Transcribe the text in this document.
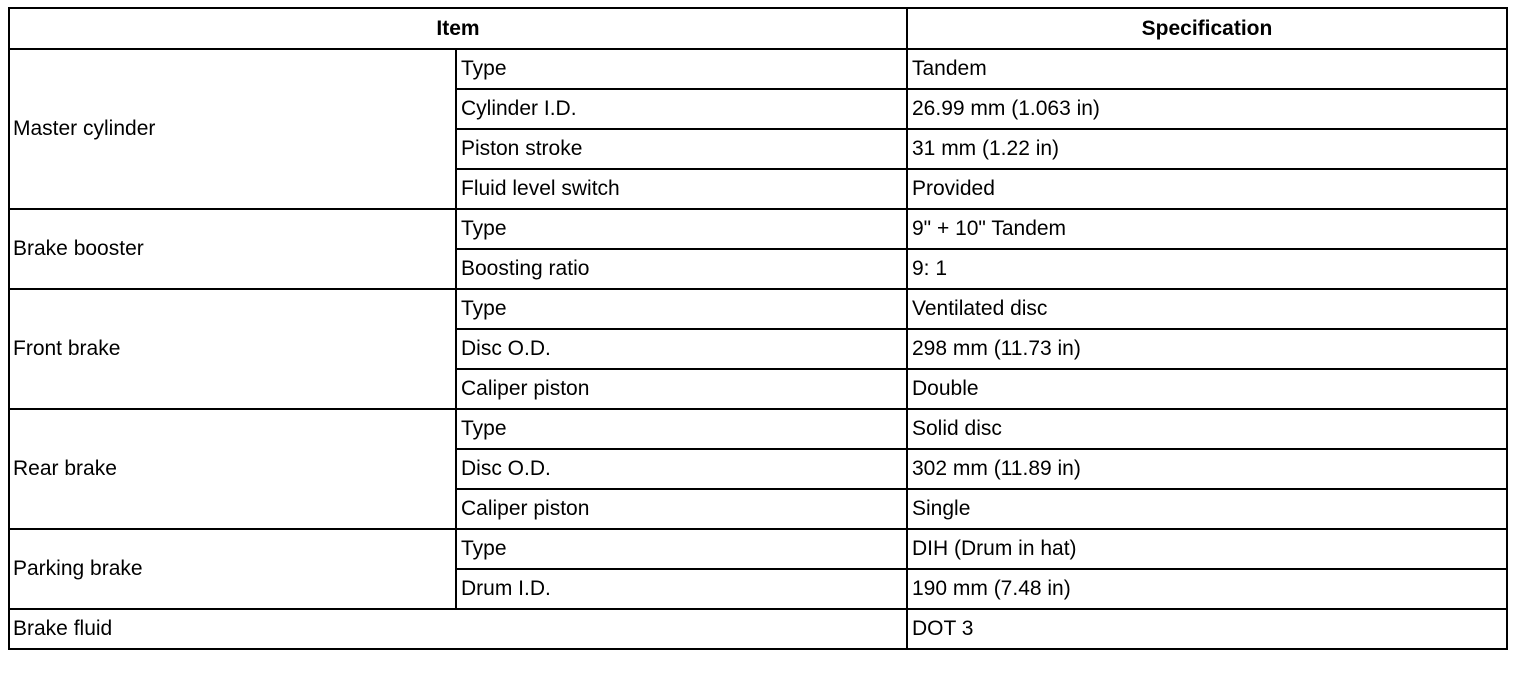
Item		Specification
Master cylinder	Type	Tandem
	Cylinder I.D.	26.99 mm (1.063 in)
	Piston stroke	31 mm (1.22 in)
	Fluid level switch	Provided
Brake booster	Type	9" + 10" Tandem
	Boosting ratio	9: 1
Front brake	Type	Ventilated disc
	Disc O.D.	298 mm (11.73 in)
	Caliper piston	Double
Rear brake	Type	Solid disc
	Disc O.D.	302 mm (11.89 in)
	Caliper piston	Single
Parking brake	Type	DIH (Drum in hat)
	Drum I.D.	190 mm (7.48 in)
Brake fluid		DOT 3
